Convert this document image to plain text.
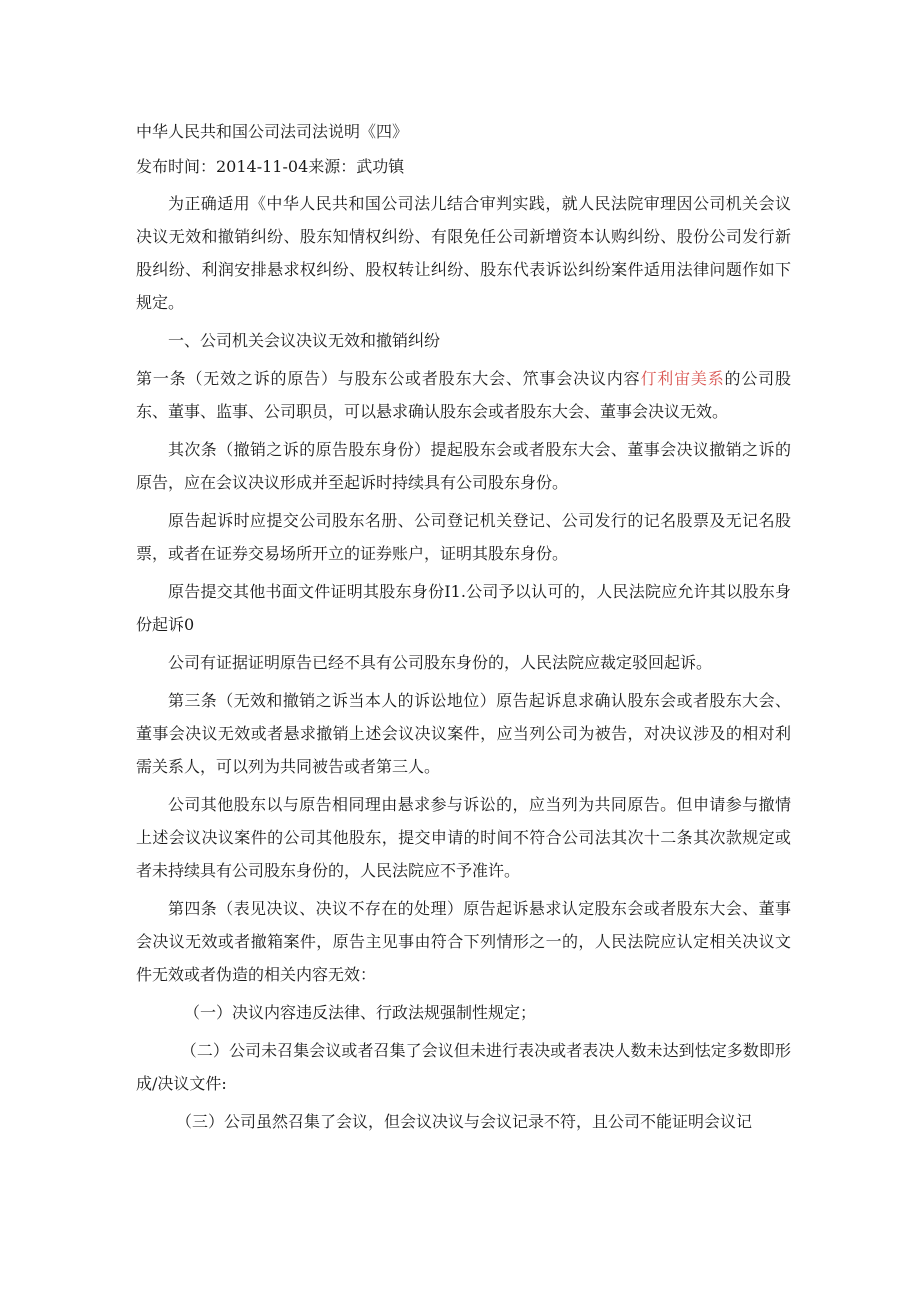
中华人民共和国公司法司法说明《四》

发布时间：2014-11-04来源：武功镇

为正确适用《中华人民共和国公司法儿结合审判实践，就人民法院审理因公司机关会议决议无效和撤销纠纷、股东知情权纠纷、有限免任公司新增资本认购纠纷、股份公司发行新股纠纷、利润安排悬求权纠纷、股权转让纠纷、股东代表诉讼纠纷案件适用法律问题作如下规定。

一、公司机关会议决议无效和撤销纠纷

第一条（无效之诉的原告）与股东公或者股东大会、笊事会决议内容仃利宙美系的公司股东、董事、监事、公司职员，可以悬求确认股东会或者股东大会、董事会决议无效。

其次条（撤销之诉的原告股东身份）提起股东会或者股东大会、董事会决议撤销之诉的原告，应在会议决议形成并至起诉时持续具有公司股东身份。

原告起诉时应提交公司股东名册、公司登记机关登记、公司发行的记名股票及无记名股票，或者在证券交易场所开立的证券账户，证明其股东身份。

原告提交其他书面文件证明其股东身份I1.公司予以认可的，人民法院应允许其以股东身份起诉0

公司有证据证明原告已经不具有公司股东身份的，人民法院应裁定驳回起诉。

第三条（无效和撤销之诉当本人的诉讼地位）原告起诉息求确认股东会或者股东大会、董事会决议无效或者悬求撤销上述会议决议案件，应当列公司为被告，对决议涉及的相对利需关系人，可以列为共同被告或者第三人。

公司其他股东以与原告相同理由悬求参与诉讼的，应当列为共同原告。但申请参与撤情上述会议决议案件的公司其他股东，提交申请的时间不符合公司法其次十二条其次款规定或者未持续具有公司股东身份的，人民法院应不予准许。

第四条（表见决议、决议不存在的处理）原告起诉悬求认定股东会或者股东大会、董事会决议无效或者撤箱案件，原告主见事由符合下列情形之一的，人民法院应认定相关决议文件无效或者伪造的相关内容无效：

（一）决议内容违反法律、行政法规强制性规定；

（二）公司未召集会议或者召集了会议但未进行表决或者表决人数未达到怯定多数即形成/决议文件:

（三）公司虽然召集了会议，但会议决议与会议记录不符，且公司不能证明会议记
